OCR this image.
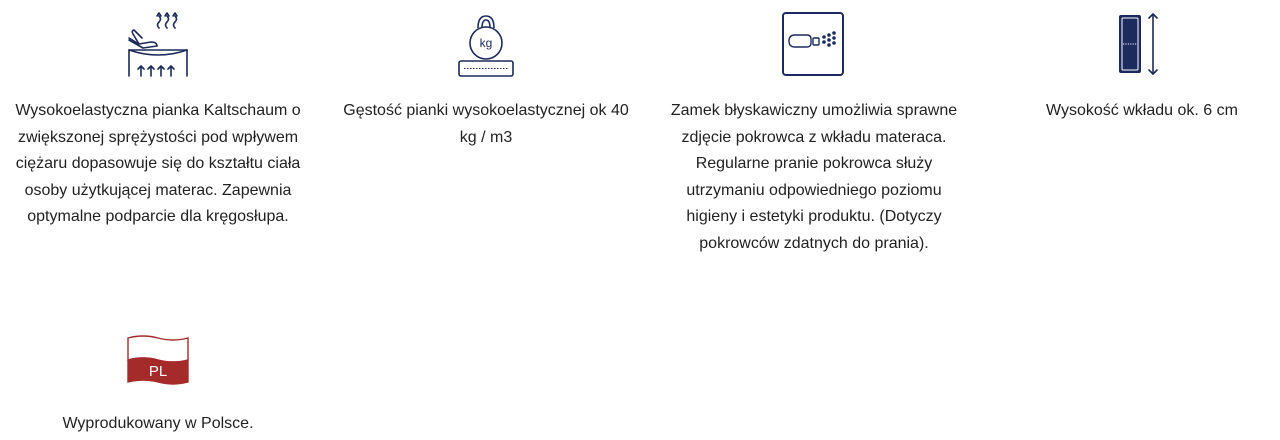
Wysokoelastyczna pianka Kaltschaum o zwiększonej sprężystości pod wpływem ciężaru dopasowuje się do kształtu ciała osoby użytkującej materac. Zapewnia optymalne podparcie dla kręgosłupa.
kg
Gęstość pianki wysokoelastycznej ok 40 kg / m3
Zamek błyskawiczny umożliwia sprawne zdjęcie pokrowca z wkładu materaca. Regularne pranie pokrowca służy utrzymaniu odpowiedniego poziomu higieny i estetyki produktu. (Dotyczy pokrowców zdatnych do prania).
Wysokość wkładu ok. 6 cm
PL
Wyprodukowany w Polsce.
